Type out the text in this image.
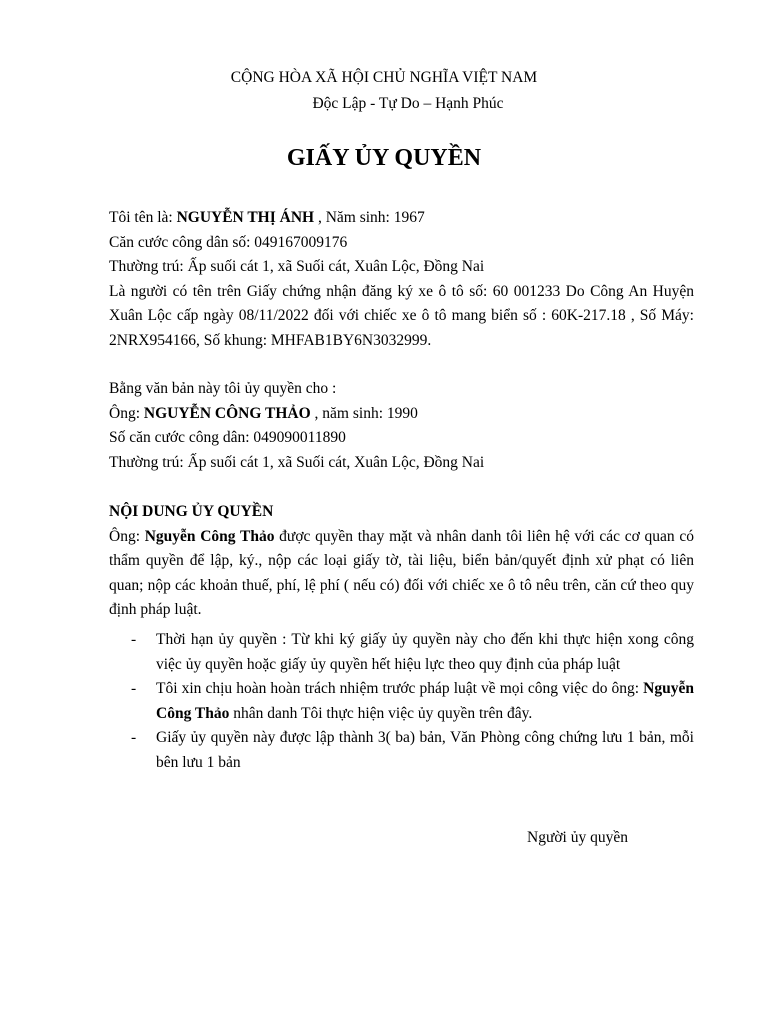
CỘNG HÒA XÃ HỘI CHỦ NGHĨA VIỆT NAM
Độc Lập - Tự Do – Hạnh Phúc
GIẤY ỦY QUYỀN
Tôi tên là: NGUYỄN THỊ ÁNH , Năm sinh: 1967
Căn cước công dân số: 049167009176
Thường trú: Ấp suối cát 1, xã Suối cát, Xuân Lộc, Đồng Nai
Là người có tên trên Giấy chứng nhận đăng ký xe ô tô số: 60 001233 Do Công An Huyện Xuân Lộc cấp ngày 08/11/2022 đối với chiếc xe ô tô mang biển số : 60K-217.18 , Số Máy: 2NRX954166, Số khung: MHFAB1BY6N3032999.
Bằng văn bản này tôi ủy quyền cho :
Ông: NGUYỄN CÔNG THẢO , năm sinh: 1990
Số căn cước công dân: 049090011890
Thường trú: Ấp suối cát 1, xã Suối cát, Xuân Lộc, Đồng Nai
NỘI DUNG ỦY QUYỀN
Ông: Nguyễn Công Thảo được quyền thay mặt và nhân danh tôi liên hệ với các cơ quan có thẩm quyền để lập, ký., nộp các loại giấy tờ, tài liệu, biển bản/quyết định xử phạt có liên quan; nộp các khoản thuế, phí, lệ phí ( nếu có) đối với chiếc xe ô tô nêu trên, căn cứ theo quy định pháp luật.
- Thời hạn ủy quyền : Từ khi ký giấy ủy quyền này cho đến khi thực hiện xong công việc ủy quyền hoặc giấy ủy quyền hết hiệu lực theo quy định của pháp luật
- Tôi xin chịu hoàn hoàn trách nhiệm trước pháp luật về mọi công việc do ông: Nguyễn Công Thảo nhân danh Tôi thực hiện việc ủy quyền trên đây.
- Giấy ủy quyền này được lập thành 3( ba) bản, Văn Phòng công chứng lưu 1 bản, mỗi bên lưu 1 bản
Người ủy quyền
